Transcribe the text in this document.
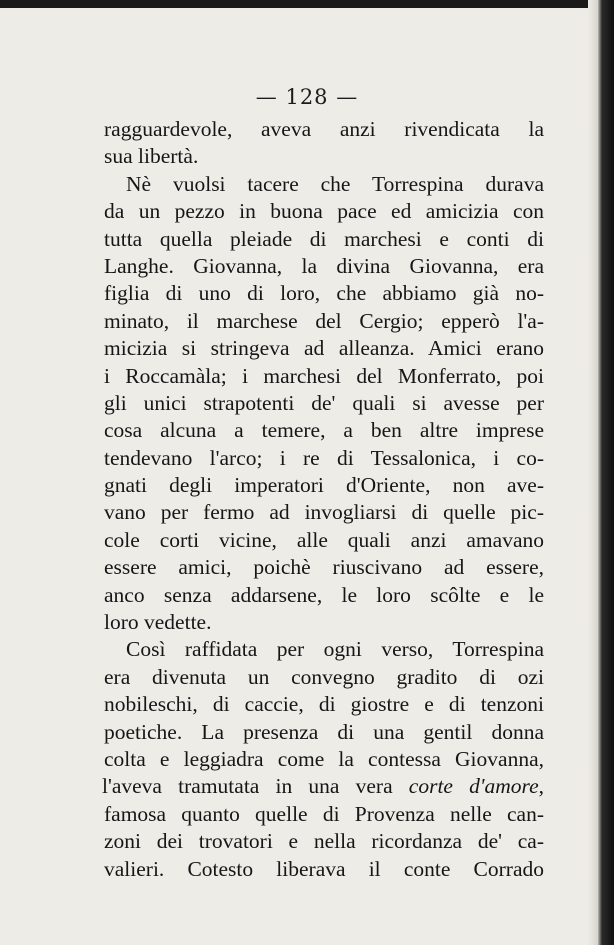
— 128 —

ragguardevole, aveva anzi rivendicata la
sua libertà.
Nè vuolsi tacere che Torrespina durava
da un pezzo in buona pace ed amicizia con
tutta quella pleiade di marchesi e conti di
Langhe. Giovanna, la divina Giovanna, era
figlia di uno di loro, che abbiamo già no-
minato, il marchese del Cergio; epperò l'a-
micizia si stringeva ad alleanza. Amici erano
i Roccamàla; i marchesi del Monferrato, poi
gli unici strapotenti de' quali si avesse per
cosa alcuna a temere, a ben altre imprese
tendevano l'arco; i re di Tessalonica, i co-
gnati degli imperatori d'Oriente, non ave-
vano per fermo ad invogliarsi di quelle pic-
cole corti vicine, alle quali anzi amavano
essere amici, poichè riuscivano ad essere,
anco senza addarsene, le loro scôlte e le
loro vedette.
Così raffidata per ogni verso, Torrespina
era divenuta un convegno gradito di ozi
nobileschi, di caccie, di giostre e di tenzoni
poetiche. La presenza di una gentil donna
colta e leggiadra come la contessa Giovanna,
l'aveva tramutata in una vera corte d'amore,
famosa quanto quelle di Provenza nelle can-
zoni dei trovatori e nella ricordanza de' ca-
valieri. Cotesto liberava il conte Corrado
